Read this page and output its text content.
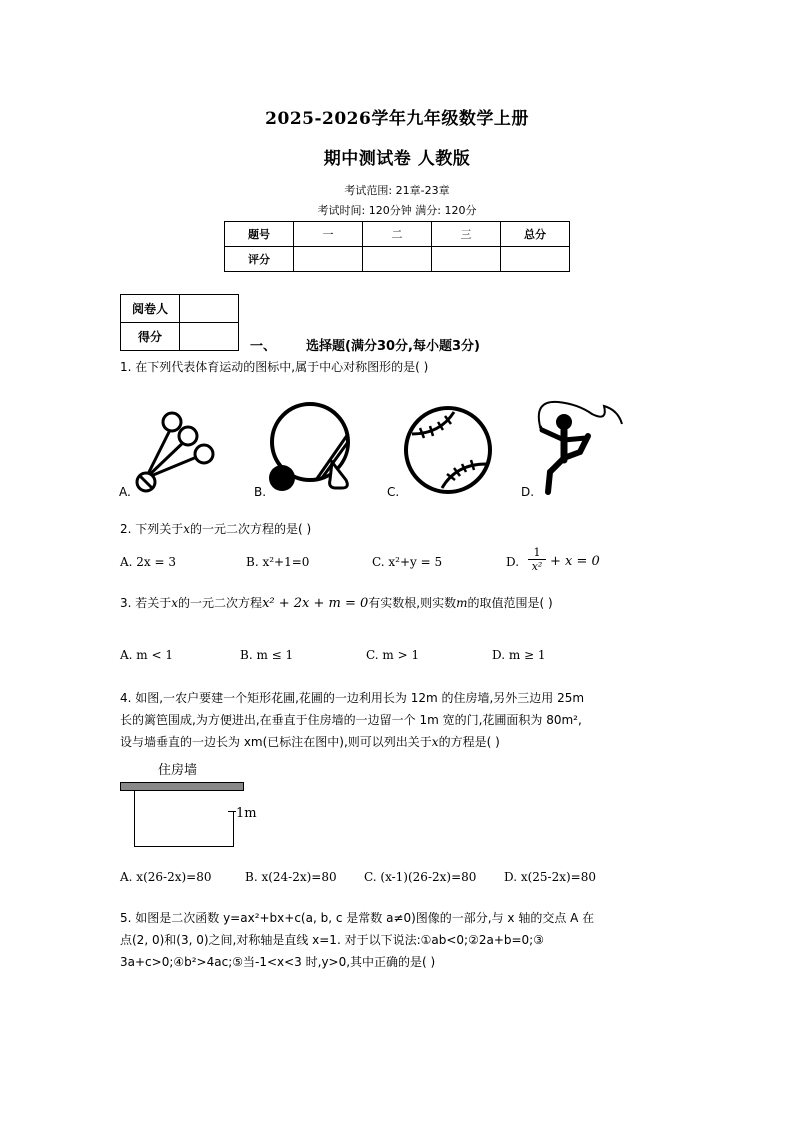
2025-2026学年九年级数学上册
期中测试卷 人教版
考试范围: 21章-23章
考试时间: 120分钟 满分: 120分
题号	一	二	三	总分
评分				
阅卷人	
得分	
一、 选择题(满分30分,每小题3分)
1. 在下列代表体育运动的图标中,属于中心对称图形的是( )
A.	B.	C.	D.
2. 下列关于x的一元二次方程的是( )
A. 2x = 3	B. x²+1=0	C. x²+y = 5	D. $\frac{1}{\text{x²}} + x = 0$
3. 若关于x的一元二次方程x² + 2x + m = 0有实数根,则实数m的取值范围是( )
A. m < 1	B. m ≤ 1	C. m > 1	D. m ≥ 1
4. 如图,一农户要建一个矩形花圃,花圃的一边利用长为 12m 的住房墙,另外三边用 25m
长的篱笆围成,为方便进出,在垂直于住房墙的一边留一个 1m 宽的门,花圃面积为 80m²,
设与墙垂直的一边长为 xm(已标注在图中),则可以列出关于x的方程是( )
住房墙
1m
A. x(26-2x)=80	B. x(24-2x)=80 C. (x-1)(26-2x)=80 D. x(25-2x)=80
5. 如图是二次函数 y=ax²+bx+c(a, b, c 是常数 a≠0)图像的一部分,与 x 轴的交点 A 在
点(2, 0)和(3, 0)之间,对称轴是直线 x=1. 对于以下说法:①ab<0;②2a+b=0;③
3a+c>0;④b²>4ac;⑤当-1<x<3 时,y>0,其中正确的是( )
